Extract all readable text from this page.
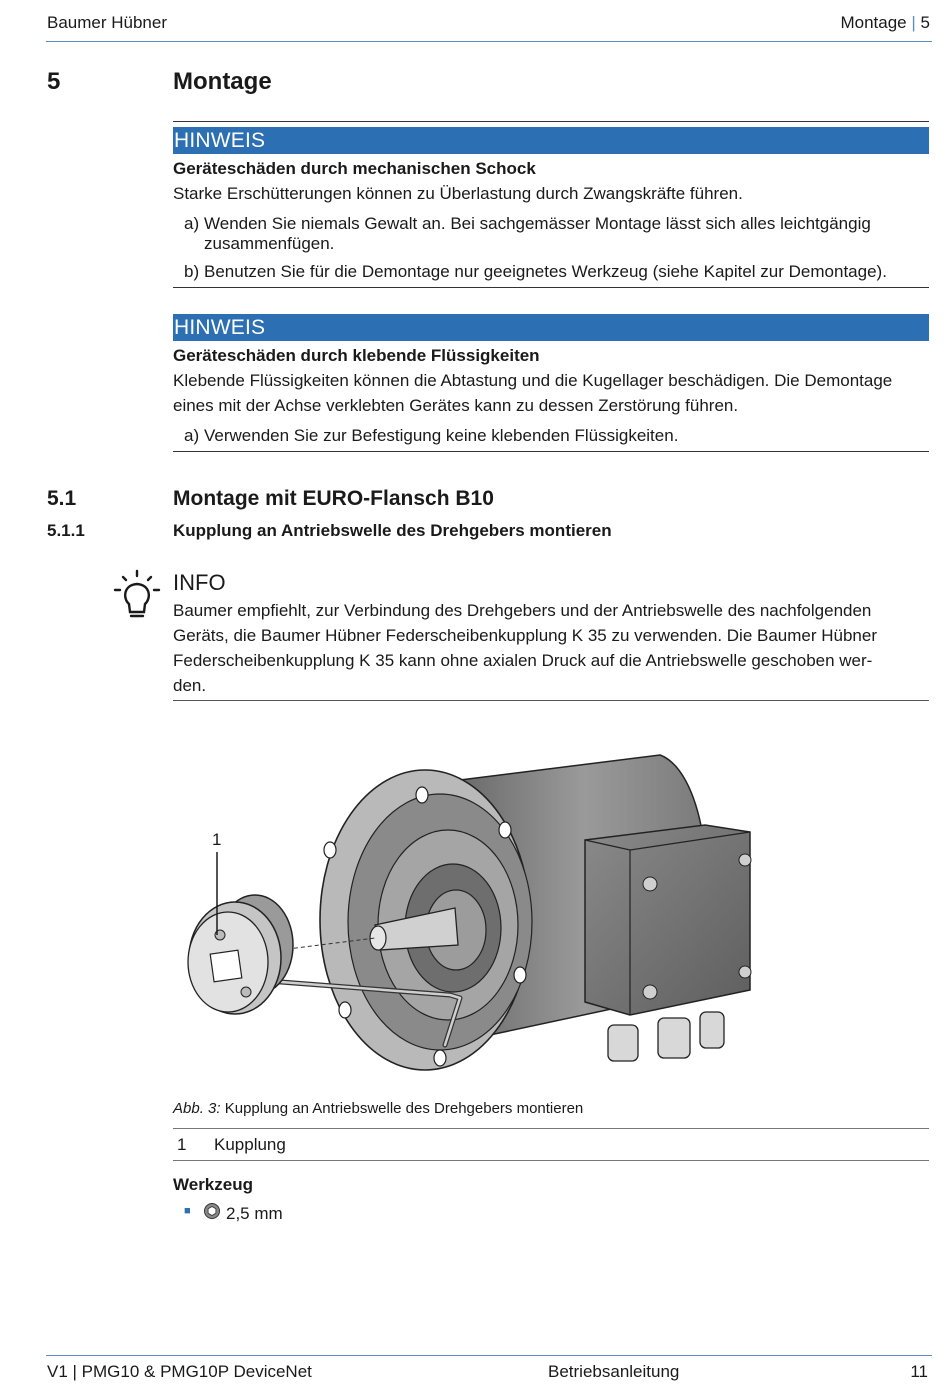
Baumer Hübner	Montage | 5
5	Montage
HINWEIS
Geräteschäden durch mechanischen Schock
Starke Erschütterungen können zu Überlastung durch Zwangskräfte führen.
a) Wenden Sie niemals Gewalt an. Bei sachgemässer Montage lässt sich alles leichtgängig
zusammenfügen.
b) Benutzen Sie für die Demontage nur geeignetes Werkzeug (siehe Kapitel zur Demontage).
HINWEIS
Geräteschäden durch klebende Flüssigkeiten
Klebende Flüssigkeiten können die Abtastung und die Kugellager beschädigen. Die Demontage
eines mit der Achse verklebten Gerätes kann zu dessen Zerstörung führen.
a) Verwenden Sie zur Befestigung keine klebenden Flüssigkeiten.
5.1	Montage mit EURO-Flansch B10
5.1.1	Kupplung an Antriebswelle des Drehgebers montieren
INFO
Baumer empfiehlt, zur Verbindung des Drehgebers und der Antriebswelle des nachfolgenden
Geräts, die Baumer Hübner Federscheibenkupplung K 35 zu verwenden. Die Baumer Hübner
Federscheibenkupplung K 35 kann ohne axialen Druck auf die Antriebswelle geschoben wer-
den.
1
Abb. 3: Kupplung an Antriebswelle des Drehgebers montieren
1 Kupplung
Werkzeug
■ 2,5 mm
V1 | PMG10 & PMG10P DeviceNet	Betriebsanleitung	11
